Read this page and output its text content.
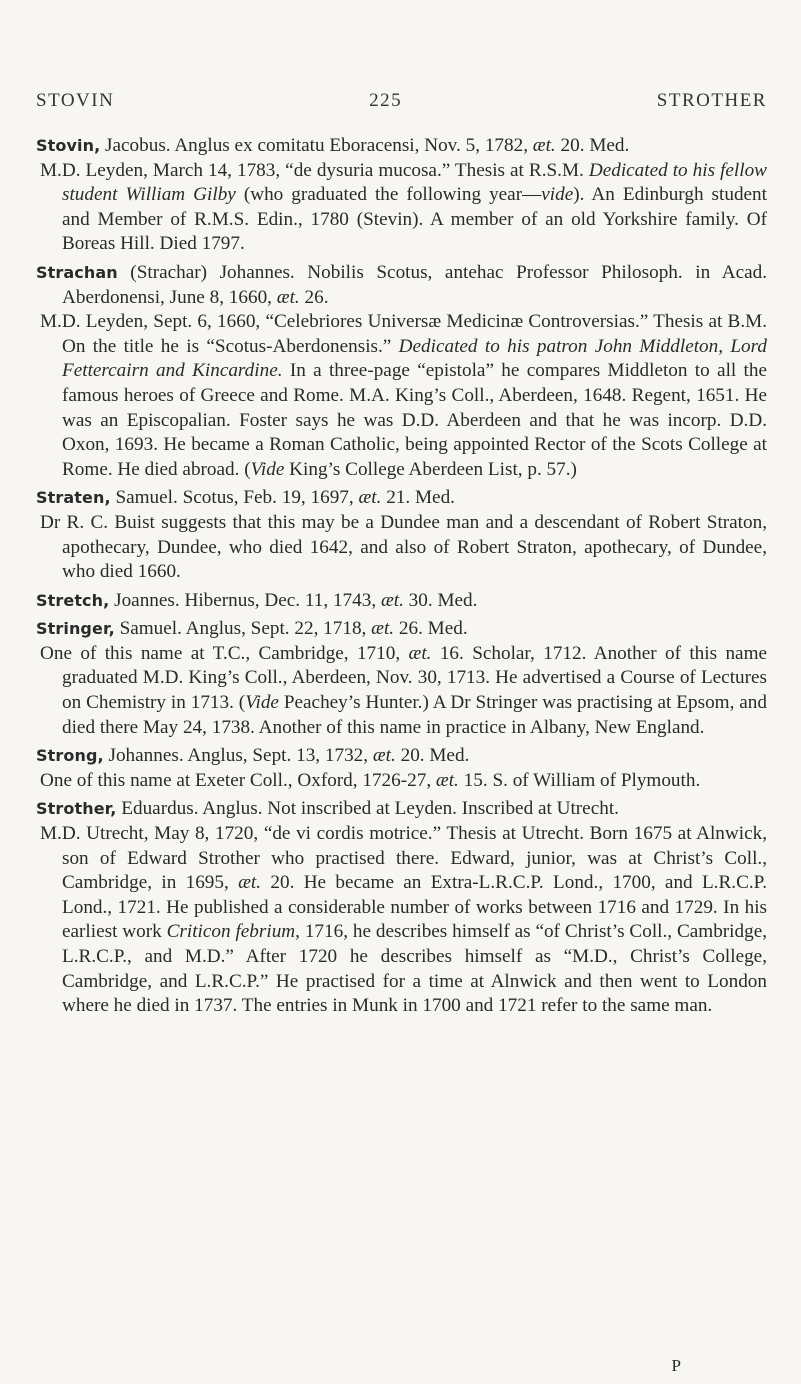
STOVIN	225	STROTHER

Stovin, Jacobus. Anglus ex comitatu Eboracensi, Nov. 5, 1782, æt. 20. Med.

M.D. Leyden, March 14, 1783, “de dysuria mucosa.” Thesis at R.S.M. Dedicated to his fellow student William Gilby (who graduated the following year—vide). An Edinburgh student and Member of R.M.S. Edin., 1780 (Stevin). A member of an old Yorkshire family. Of Boreas Hill. Died 1797.

Strachan (Strachar) Johannes. Nobilis Scotus, antehac Professor Philosoph. in Acad. Aberdonensi, June 8, 1660, æt. 26.

M.D. Leyden, Sept. 6, 1660, “Celebriores Universæ Medicinæ Controversias.” Thesis at B.M. On the title he is “Scotus-Aberdonensis.” Dedicated to his patron John Middleton, Lord Fettercairn and Kincardine. In a three-page “epistola” he compares Middleton to all the famous heroes of Greece and Rome. M.A. King’s Coll., Aberdeen, 1648. Regent, 1651. He was an Episcopalian. Foster says he was D.D. Aberdeen and that he was incorp. D.D. Oxon, 1693. He became a Roman Catholic, being appointed Rector of the Scots College at Rome. He died abroad. (Vide King’s College Aberdeen List, p. 57.)

Straten, Samuel. Scotus, Feb. 19, 1697, æt. 21. Med.

Dr R. C. Buist suggests that this may be a Dundee man and a descendant of Robert Straton, apothecary, Dundee, who died 1642, and also of Robert Straton, apothecary, of Dundee, who died 1660.

Stretch, Joannes. Hibernus, Dec. 11, 1743, æt. 30. Med.

Stringer, Samuel. Anglus, Sept. 22, 1718, æt. 26. Med.

One of this name at T.C., Cambridge, 1710, æt. 16. Scholar, 1712. Another of this name graduated M.D. King’s Coll., Aberdeen, Nov. 30, 1713. He advertised a Course of Lectures on Chemistry in 1713. (Vide Peachey’s Hunter.) A Dr Stringer was practising at Epsom, and died there May 24, 1738. Another of this name in practice in Albany, New England.

Strong, Johannes. Anglus, Sept. 13, 1732, æt. 20. Med.

One of this name at Exeter Coll., Oxford, 1726-27, æt. 15. S. of William of Plymouth.

Strother, Eduardus. Anglus. Not inscribed at Leyden. Inscribed at Utrecht.

M.D. Utrecht, May 8, 1720, “de vi cordis motrice.” Thesis at Utrecht. Born 1675 at Alnwick, son of Edward Strother who practised there. Edward, junior, was at Christ’s Coll., Cambridge, in 1695, æt. 20. He became an Extra-L.R.C.P. Lond., 1700, and L.R.C.P. Lond., 1721. He published a considerable number of works between 1716 and 1729. In his earliest work Criticon febrium, 1716, he describes himself as “of Christ’s Coll., Cambridge, L.R.C.P., and M.D.” After 1720 he describes himself as “M.D., Christ’s College, Cambridge, and L.R.C.P.” He practised for a time at Alnwick and then went to London where he died in 1737. The entries in Munk in 1700 and 1721 refer to the same man.

P
